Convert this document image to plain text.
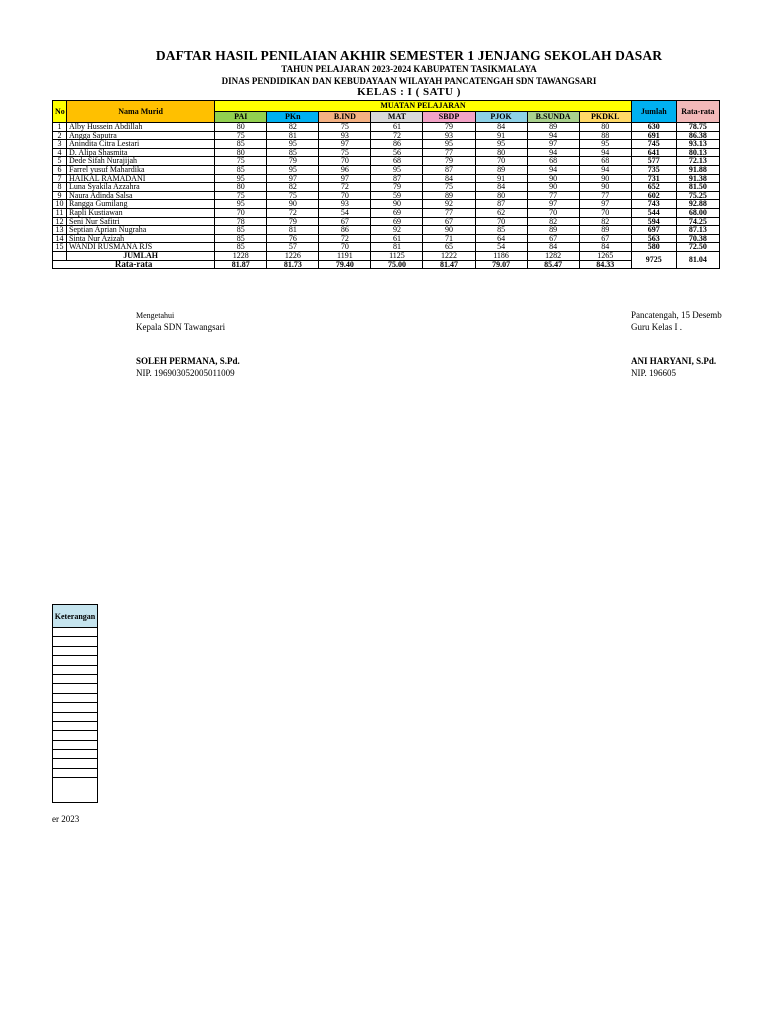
DAFTAR HASIL PENILAIAN AKHIR SEMESTER 1 JENJANG SEKOLAH DASAR
TAHUN PELAJARAN 2023-2024 KABUPATEN TASIKMALAYA
DINAS PENDIDIKAN DAN KEBUDAYAAN WILAYAH PANCATENGAH SDN TAWANGSARI
KELAS : I ( SATU )
No	Nama Murid	MUATAN PELAJARAN								Jumlah	Rata-rata
		PAI	PKn	B.IND	MAT	SBDP	PJOK	B.SUNDA	PKDKL		
1	Alby Hussein Abdillah	80	82	75	61	79	84	89	80	630	78.75
2	Angga Saputra	75	81	93	72	93	91	94	88	691	86.38
3	Anindita Citra Lestari	85	95	97	86	95	95	97	95	745	93.13
4	D. Alipa Shasmita	80	85	75	56	77	80	94	94	641	80.13
5	Dede Sifah Nurajijah	75	79	70	68	79	70	68	68	577	72.13
6	Farrel yusuf Mahardika	85	95	96	95	87	89	94	94	735	91.88
7	HAIKAL RAMADANI	95	97	97	87	84	91	90	90	731	91.38
8	Luna Syakila Azzahra	80	82	72	79	75	84	90	90	652	81.50
9	Naura Adinda Salsa	75	75	70	59	89	80	77	77	602	75.25
10	Rangga Gumilang	95	90	93	90	92	87	97	97	743	92.88
11	Rapli Kustiawan	70	72	54	69	77	62	70	70	544	68.00
12	Seni Nur Safitri	78	79	67	69	67	70	82	82	594	74.25
13	Septian Aprian Nugraha	85	81	86	92	90	85	89	89	697	87.13
14	Sinta Nur Azizah	85	76	72	61	71	64	67	67	563	70.38
15	WANDI RUSMANA RJS	85	57	70	81	65	54	84	84	580	72.50
	JUMLAH	1228	1226	1191	1125	1222	1186	1282	1265	9725	81.04
Rata-rata		81.87	81.73	79.40	75.00	81.47	79.07	85.47	84.33		
Mengetahui
Kepala SDN Tawangsari
SOLEH PERMANA, S.Pd.
NIP. 196903052005011009
Pancatengah, 15 Desemb
Guru Kelas I .
ANI HARYANI, S.Pd.
NIP. 196605
Keterangan

er 2023
